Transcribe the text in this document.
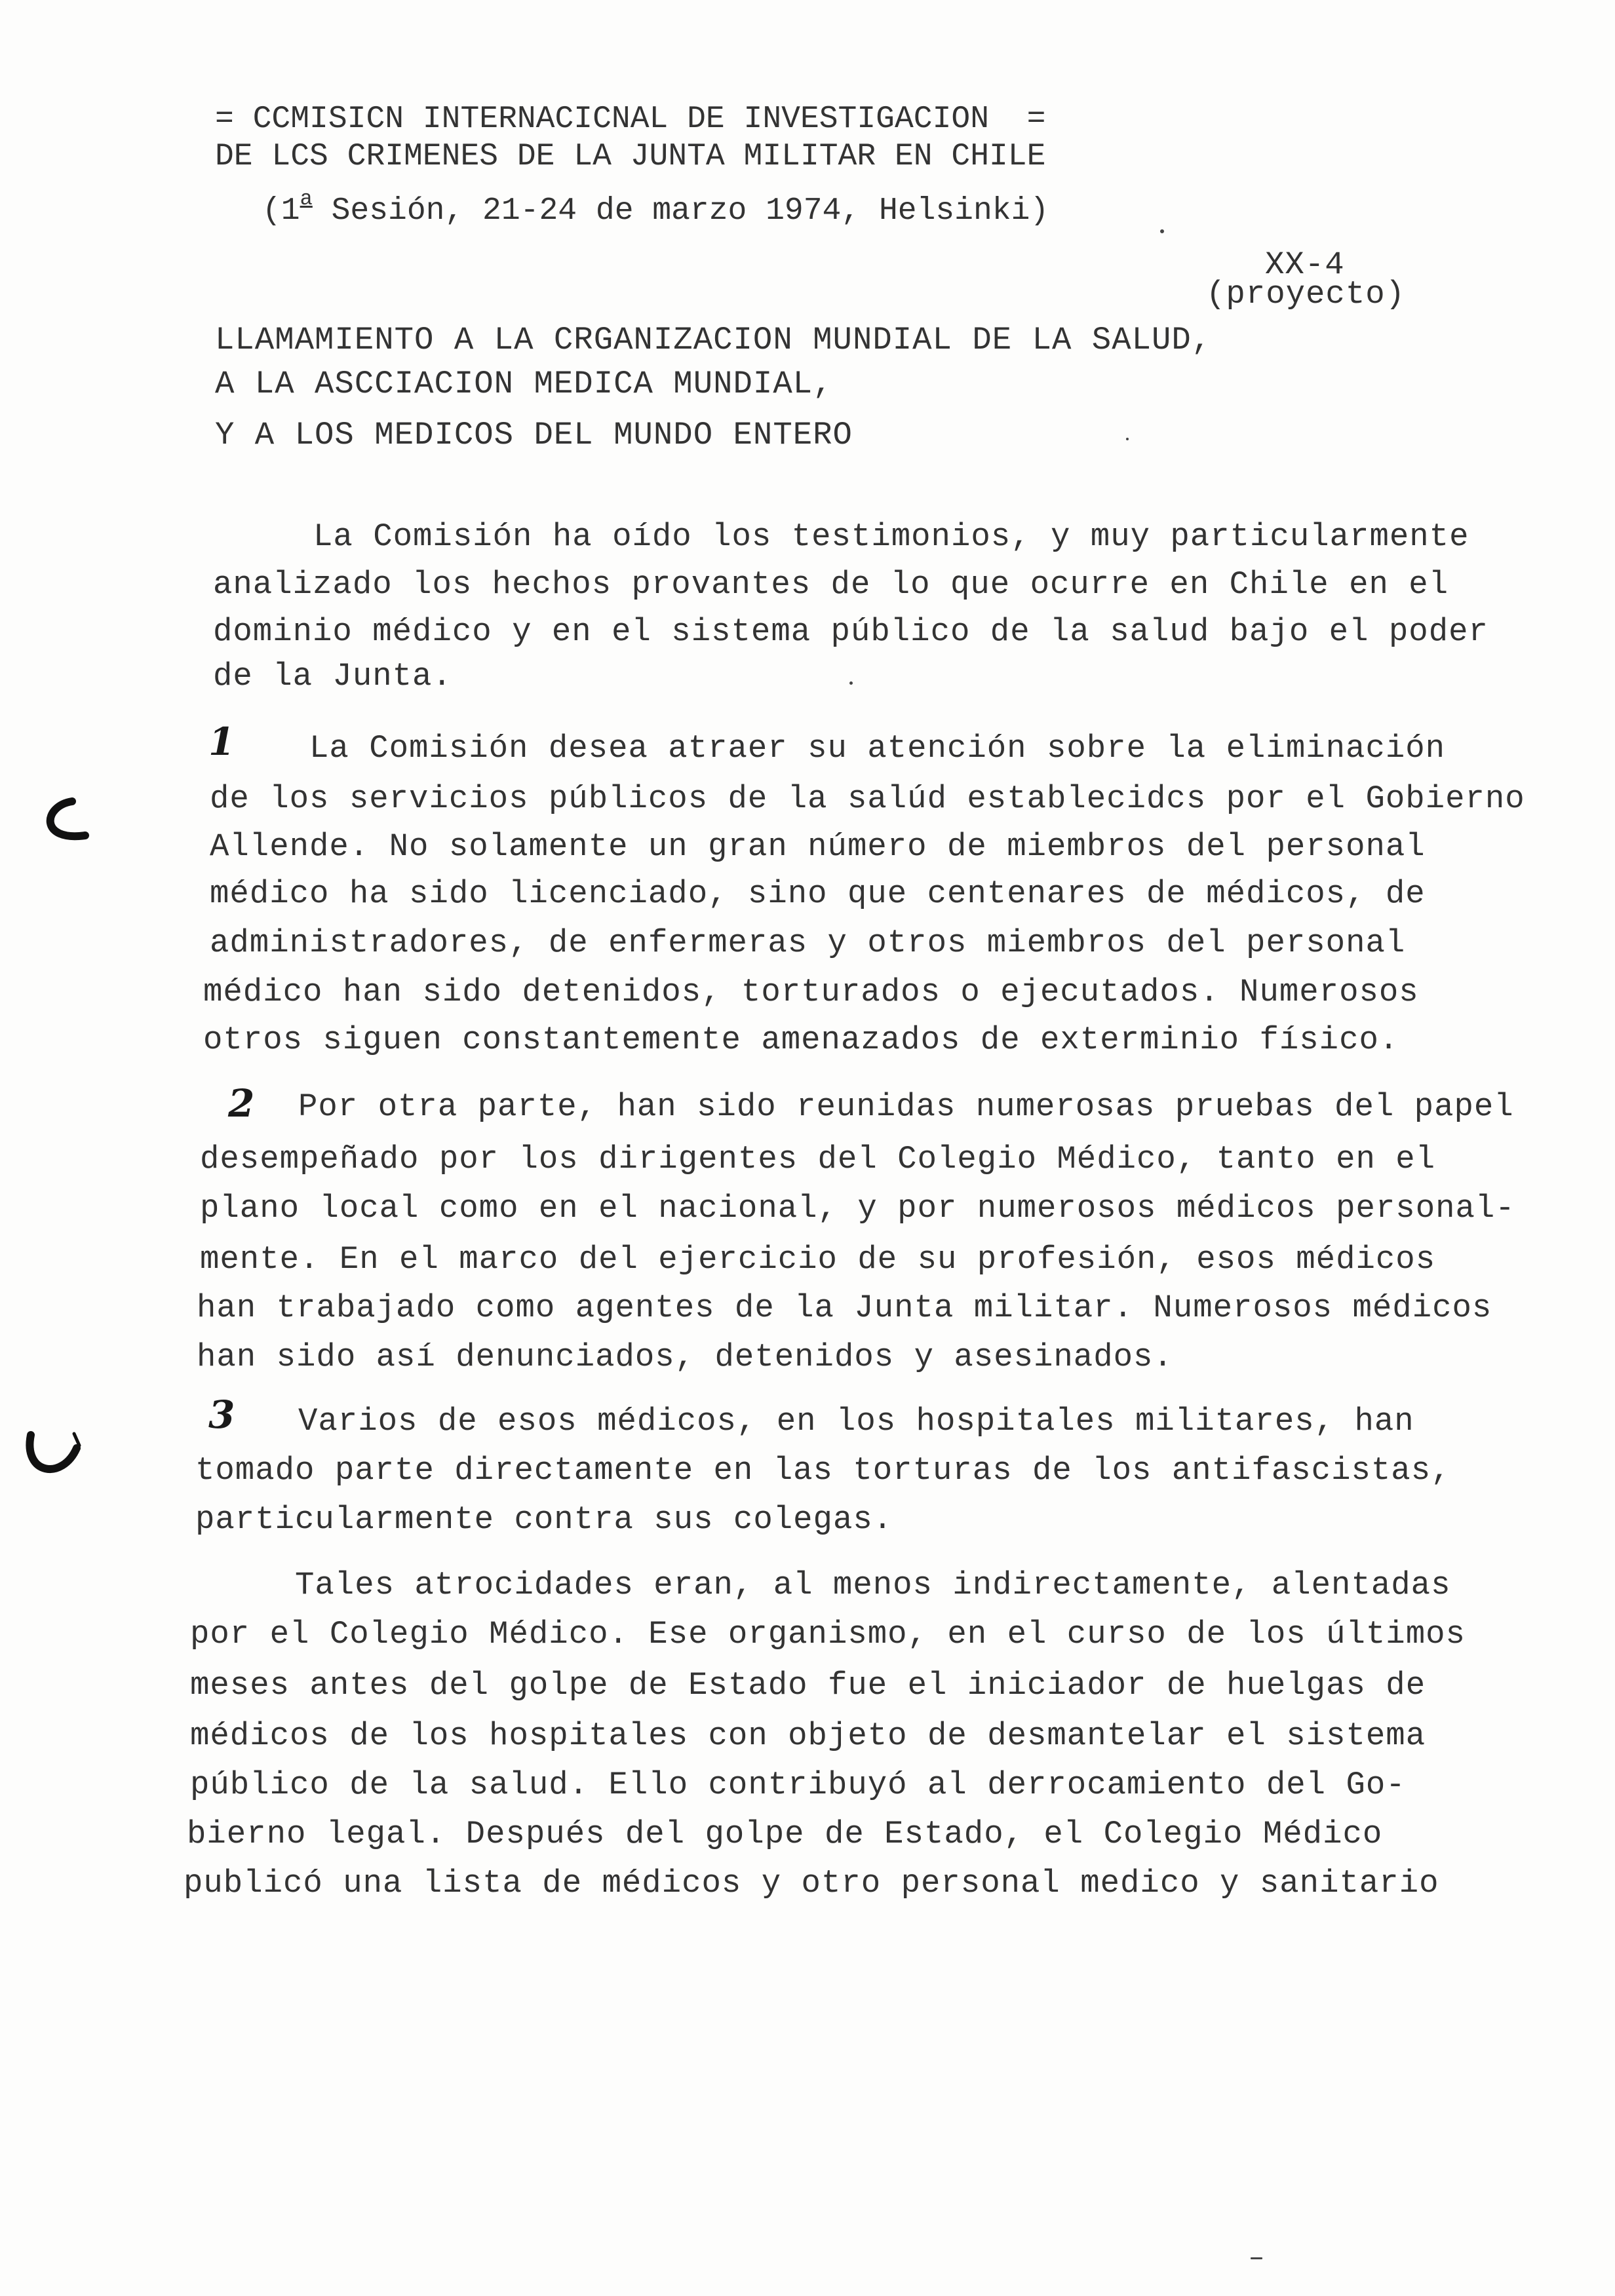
= CCMISICN INTERNACICNAL DE INVESTIGACION  =
DE LCS CRIMENES DE LA JUNTA MILITAR EN CHILE
(1$^a$ Sesión, 21-24 de marzo 1974, Helsinki)
XX-4
(proyecto)
LLAMAMIENTO A LA CRGANIZACION MUNDIAL DE LA SALUD,
A LA ASCCIACION MEDICA MUNDIAL,
Y A LOS MEDICOS DEL MUNDO ENTERO
La Comisión ha oído los testimonios, y muy particularmente
analizado los hechos provantes de lo que ocurre en Chile en el
dominio médico y en el sistema público de la salud bajo el poder
de la Junta.
1 La Comisión desea atraer su atención sobre la eliminación
de los servicios públicos de la salúd establecidcs por el Gobierno
Allende. No solamente un gran número de miembros del personal
médico ha sido licenciado, sino que centenares de médicos, de
administradores, de enfermeras y otros miembros del personal
médico han sido detenidos, torturados o ejecutados. Numerosos
otros siguen constantemente amenazados de exterminio físico.
2 Por otra parte, han sido reunidas numerosas pruebas del papel
desempeñado por los dirigentes del Colegio Médico, tanto en el
plano local como en el nacional, y por numerosos médicos personal-
mente. En el marco del ejercicio de su profesión, esos médicos
han trabajado como agentes de la Junta militar. Numerosos médicos
han sido así denunciados, detenidos y asesinados.
3 Varios de esos médicos, en los hospitales militares, han
tomado parte directamente en las torturas de los antifascistas,
particularmente contra sus colegas.
Tales atrocidades eran, al menos indirectamente, alentadas
por el Colegio Médico. Ese organismo, en el curso de los últimos
meses antes del golpe de Estado fue el iniciador de huelgas de
médicos de los hospitales con objeto de desmantelar el sistema
público de la salud. Ello contribuyó al derrocamiento del Go-
bierno legal. Después del golpe de Estado, el Colegio Médico
publicó una lista de médicos y otro personal medico y sanitario
